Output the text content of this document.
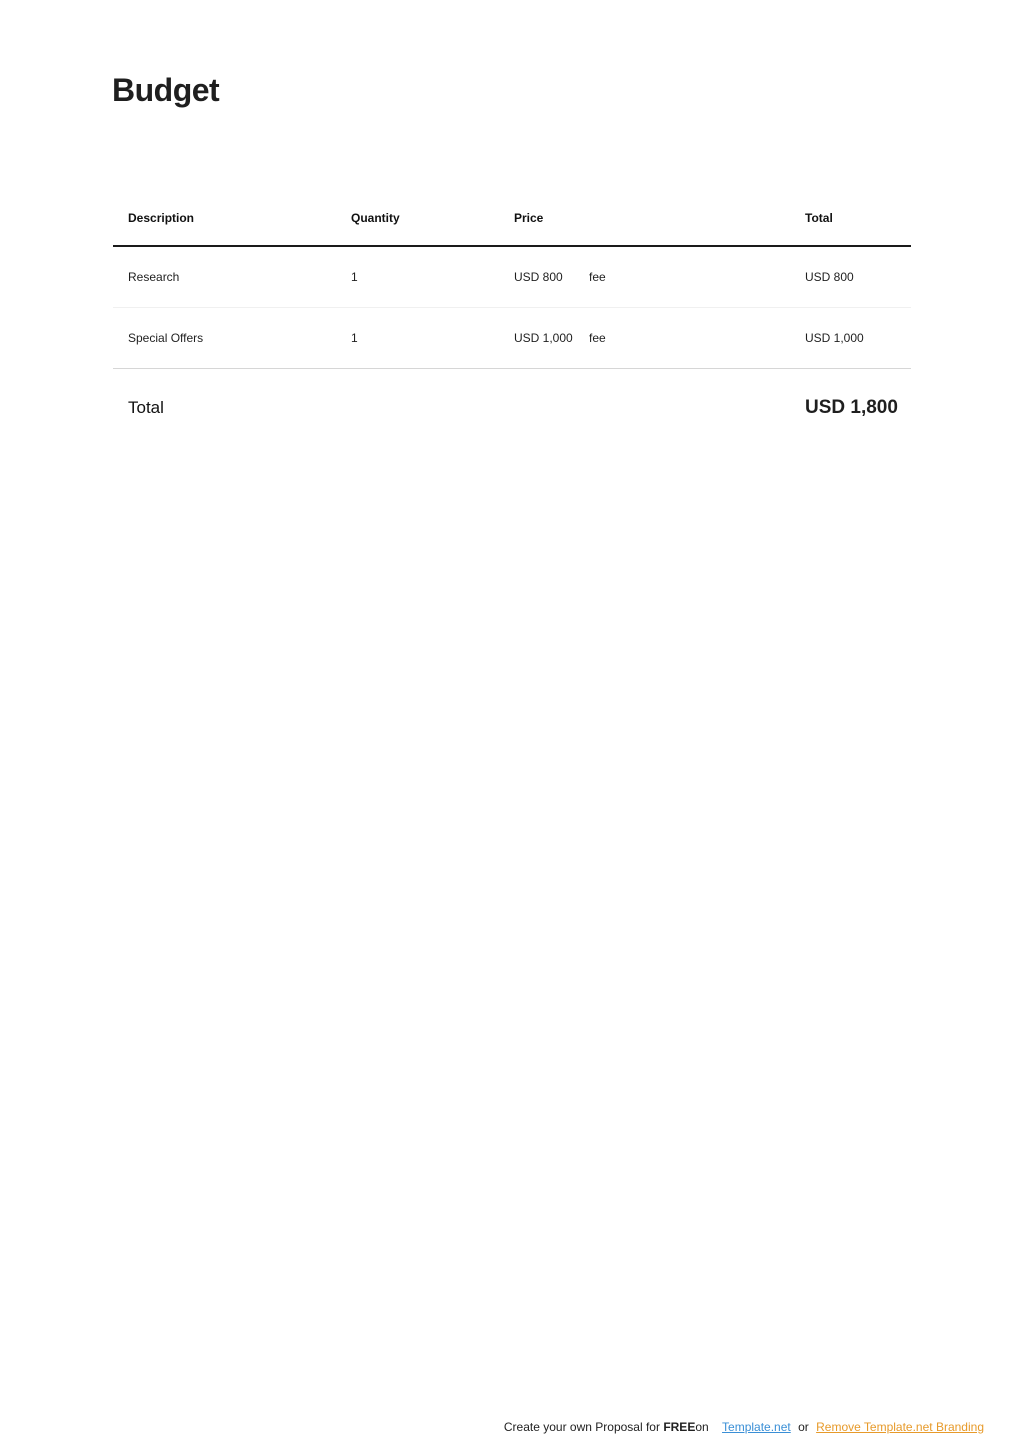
Budget
Description	Quantity	Price	Total
Research	1	USD 800 fee	USD 800
Special Offers	1	USD 1,000 fee	USD 1,000
Total	USD 1,800
Create your own Proposal for FREEon Template.net or Remove Template.net Branding
